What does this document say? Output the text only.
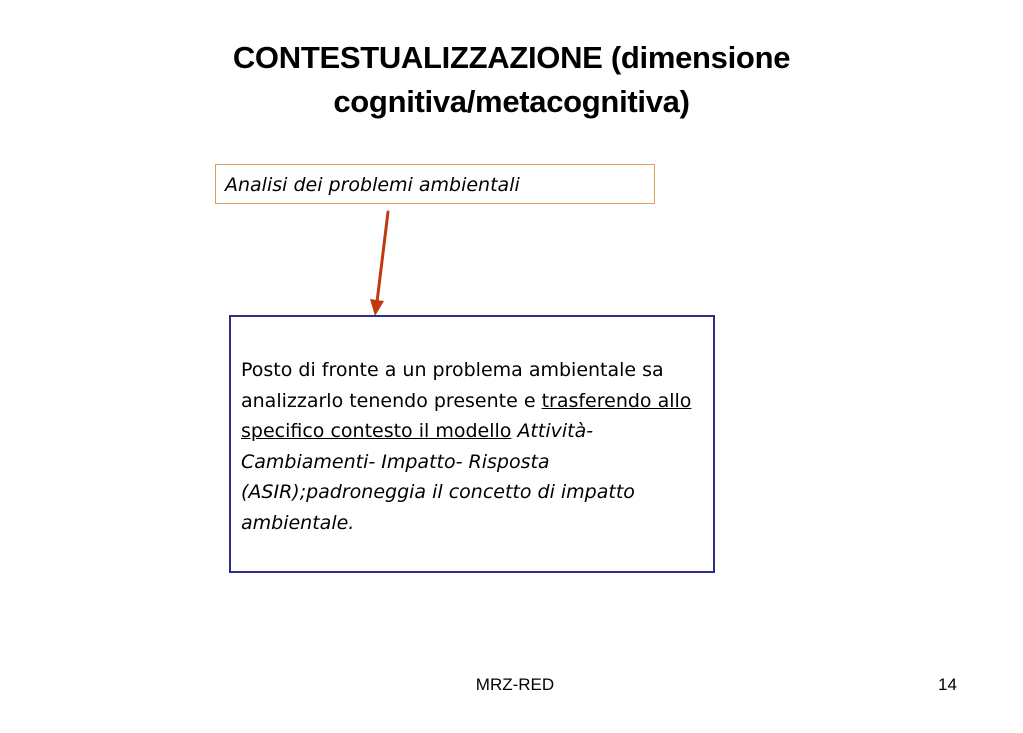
CONTESTUALIZZAZIONE (dimensione
cognitiva/metacognitiva)
Analisi dei problemi ambientali
Posto di fronte a un problema ambientale sa analizzarlo tenendo presente e trasferendo allo specifico contesto il modello Attività-Cambiamenti- Impatto- Risposta (ASIR);padroneggia il concetto di impatto ambientale.
MRZ-RED	14
